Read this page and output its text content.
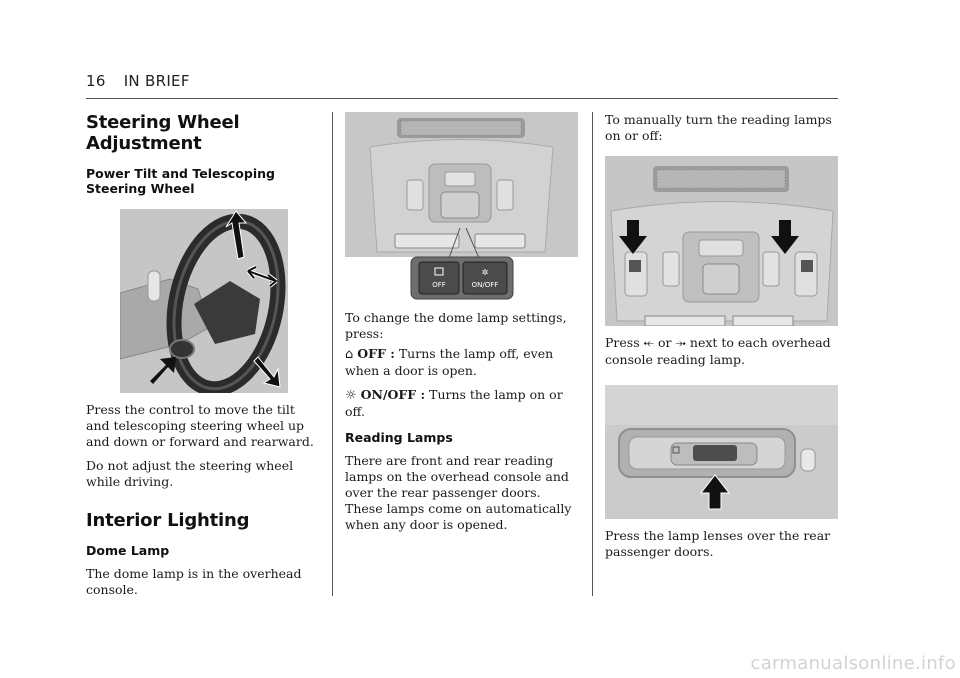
16 IN BRIEF
Steering Wheel Adjustment
Power Tilt and Telescoping Steering Wheel

Press the control to move the tilt and telescoping steering wheel up and down or forward and rearward.

Do not adjust the steering wheel while driving.

Interior Lighting
Dome Lamp

The dome lamp is in the overhead console.

OFF
✲
ON/OFF

To change the dome lamp settings, press:

⌂ OFF : Turns the lamp off, even when a door is open.

☼ ON/OFF : Turns the lamp on or off.

Reading Lamps

There are front and rear reading lamps on the overhead console and over the rear passenger doors. These lamps come on automatically when any door is opened.

To manually turn the reading lamps on or off:

Press ⤝ or ⤞ next to each overhead console reading lamp.

Press the lamp lenses over the rear passenger doors.

carmanualsonline.info
